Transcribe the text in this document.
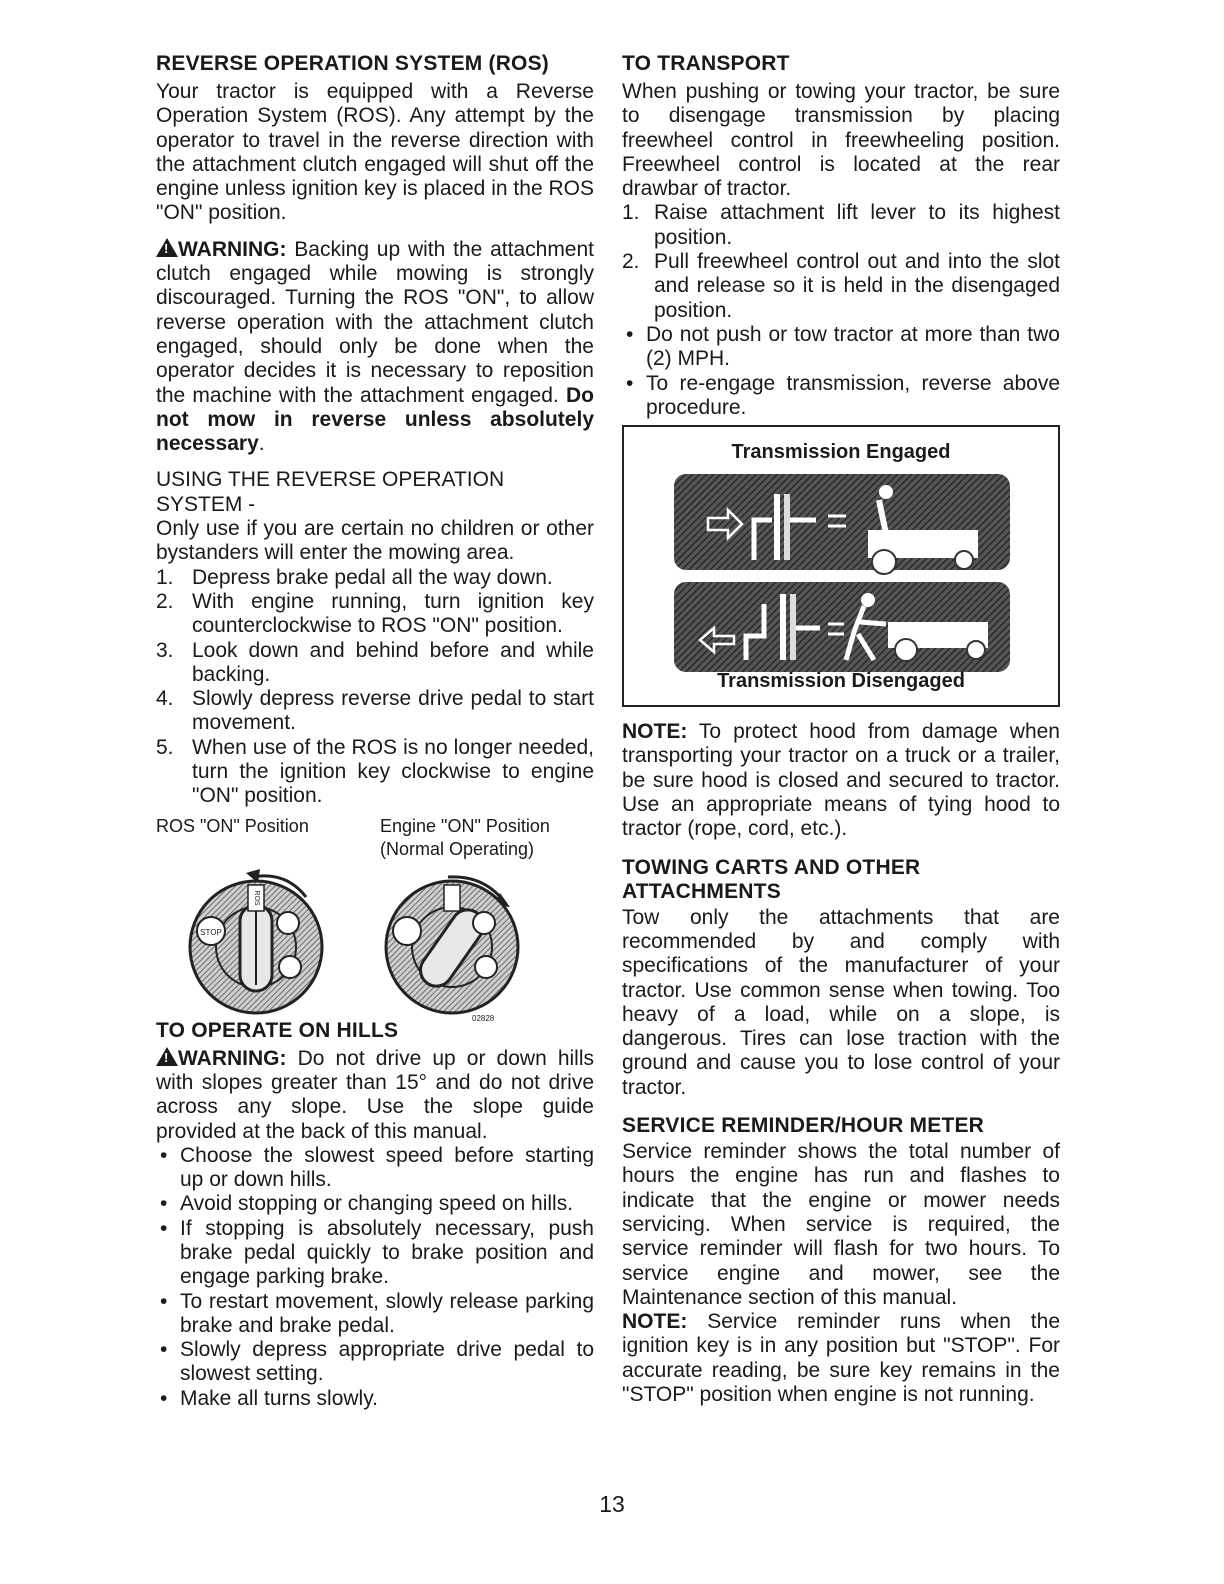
REVERSE OPERATION SYSTEM (ROS)

Your tractor is equipped with a Reverse Operation System (ROS). Any attempt by the operator to travel in the reverse direction with the attachment clutch engaged will shut off the engine unless ignition key is placed in the ROS "ON" position.

!WARNING: Backing up with the attachment clutch engaged while mowing is strongly discouraged. Turning the ROS "ON", to allow reverse operation with the attachment clutch engaged, should only be done when the operator decides it is necessary to reposition the machine with the attachment engaged. Do not mow in reverse unless absolutely necessary.

USING THE REVERSE OPERATION SYSTEM -

Only use if you are certain no children or other bystanders will enter the mowing area.

1. Depress brake pedal all the way down.
2. With engine running, turn ignition key counterclockwise to ROS "ON" position.
3. Look down and behind before and while backing.
4. Slowly depress reverse drive pedal to start movement.
5. When use of the ROS is no longer needed, turn the ignition key clockwise to engine "ON" position.
ROS "ON" Position	Engine "ON" Position
(Normal Operating)
STOP
ROS
02828
TO OPERATE ON HILLS

!WARNING: Do not drive up or down hills with slopes greater than 15° and do not drive across any slope. Use the slope guide provided at the back of this manual.

• Choose the slowest speed before starting up or down hills.
• Avoid stopping or changing speed on hills.
• If stopping is absolutely necessary, push brake pedal quickly to brake position and engage parking brake.
• To restart movement, slowly release parking brake and brake pedal.
• Slowly depress appropriate drive pedal to slowest setting.
• Make all turns slowly.
TO TRANSPORT

When pushing or towing your tractor, be sure to disengage transmission by placing freewheel control in freewheeling position. Freewheel control is located at the rear drawbar of tractor.

1. Raise attachment lift lever to its highest position.
2. Pull freewheel control out and into the slot and release so it is held in the disengaged position.
• Do not push or tow tractor at more than two (2) MPH.
• To re-engage transmission, reverse above procedure.

NOTE: To protect hood from damage when transporting your tractor on a truck or a trailer, be sure hood is closed and secured to tractor. Use an appropriate means of tying hood to tractor (rope, cord, etc.).

TOWING CARTS AND OTHER ATTACHMENTS

Tow only the attachments that are recommended by and comply with specifications of the manufacturer of your tractor. Use common sense when towing. Too heavy of a load, while on a slope, is dangerous. Tires can lose traction with the ground and cause you to lose control of your tractor.

SERVICE REMINDER/HOUR METER

Service reminder shows the total number of hours the engine has run and flashes to indicate that the engine or mower needs servicing. When service is required, the service reminder will flash for two hours. To service engine and mower, see the Maintenance section of this manual.

NOTE: Service reminder runs when the ignition key is in any position but "STOP". For accurate reading, be sure key remains in the "STOP" position when engine is not running.

Transmission Engaged
Transmission Disengaged
13
